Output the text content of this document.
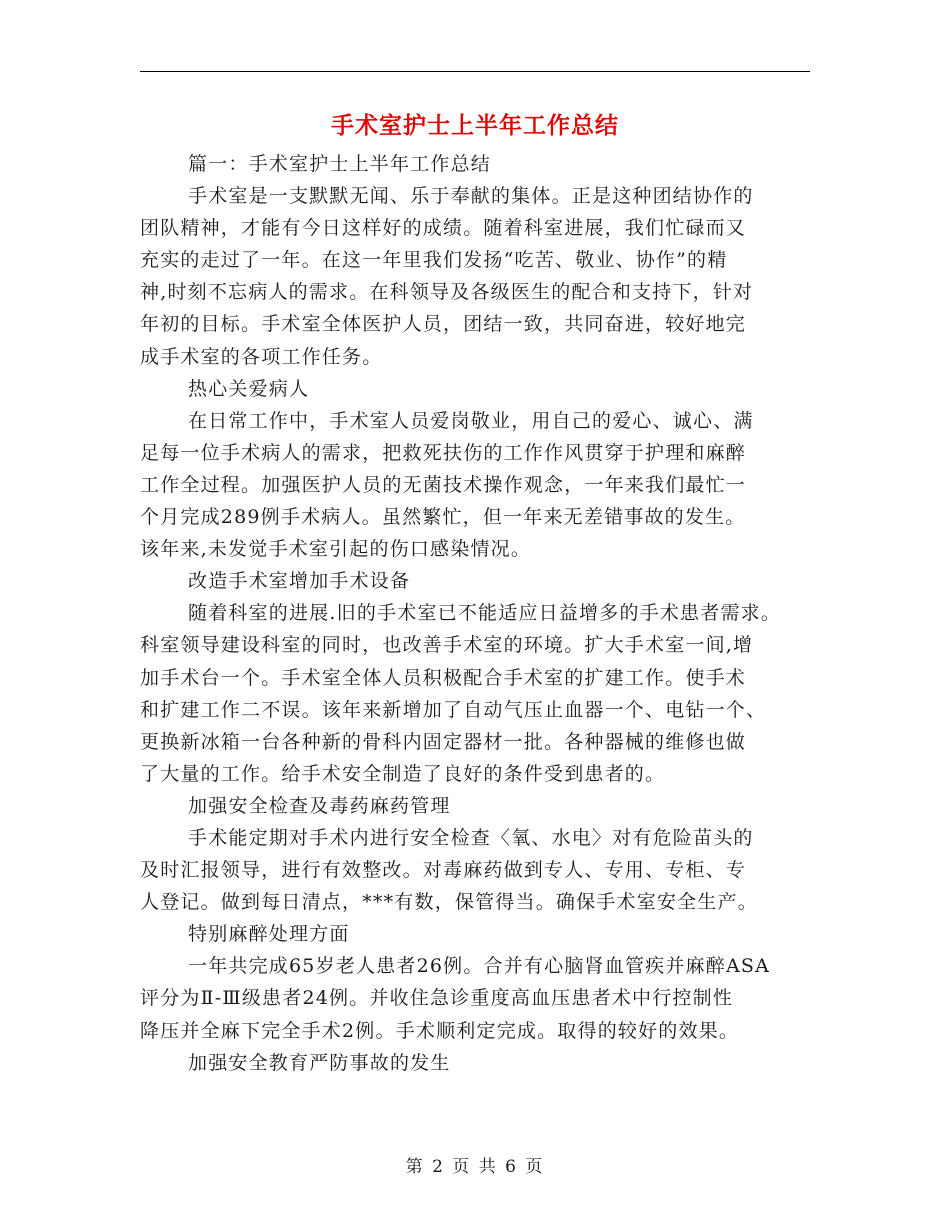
手术室护士上半年工作总结
篇一：手术室护士上半年工作总结
手术室是一支默默无闻、乐于奉献的集体。正是这种团结协作的
团队精神，才能有今日这样好的成绩。随着科室进展，我们忙碌而又
充实的走过了一年。在这一年里我们发扬“吃苦、敬业、协作”的精
神,时刻不忘病人的需求。在科领导及各级医生的配合和支持下，针对
年初的目标。手术室全体医护人员，团结一致，共同奋进，较好地完
成手术室的各项工作任务。
热心关爱病人
在日常工作中，手术室人员爱岗敬业，用自己的爱心、诚心、满
足每一位手术病人的需求，把救死扶伤的工作作风贯穿于护理和麻醉
工作全过程。加强医护人员的无菌技术操作观念，一年来我们最忙一
个月完成289例手术病人。虽然繁忙，但一年来无差错事故的发生。
该年来,未发觉手术室引起的伤口感染情况。
改造手术室增加手术设备
随着科室的进展.旧的手术室已不能适应日益增多的手术患者需求。
科室领导建设科室的同时，也改善手术室的环境。扩大手术室一间,增
加手术台一个。手术室全体人员积极配合手术室的扩建工作。使手术
和扩建工作二不误。该年来新增加了自动气压止血器一个、电钻一个、
更换新冰箱一台各种新的骨科内固定器材一批。各种器械的维修也做
了大量的工作。给手术安全制造了良好的条件受到患者的。
加强安全检查及毒药麻药管理
手术能定期对手术内进行安全检查〈氧、水电〉对有危险苗头的
及时汇报领导，进行有效整改。对毒麻药做到专人、专用、专柜、专
人登记。做到每日清点，***有数，保管得当。确保手术室安全生产。
特别麻醉处理方面
一年共完成65岁老人患者26例。合并有心脑肾血管疾并麻醉ASA
评分为Ⅱ-Ⅲ级患者24例。并收住急诊重度高血压患者术中行控制性
降压并全麻下完全手术2例。手术顺利定完成。取得的较好的效果。
加强安全教育严防事故的发生
第 2 页 共 6 页
